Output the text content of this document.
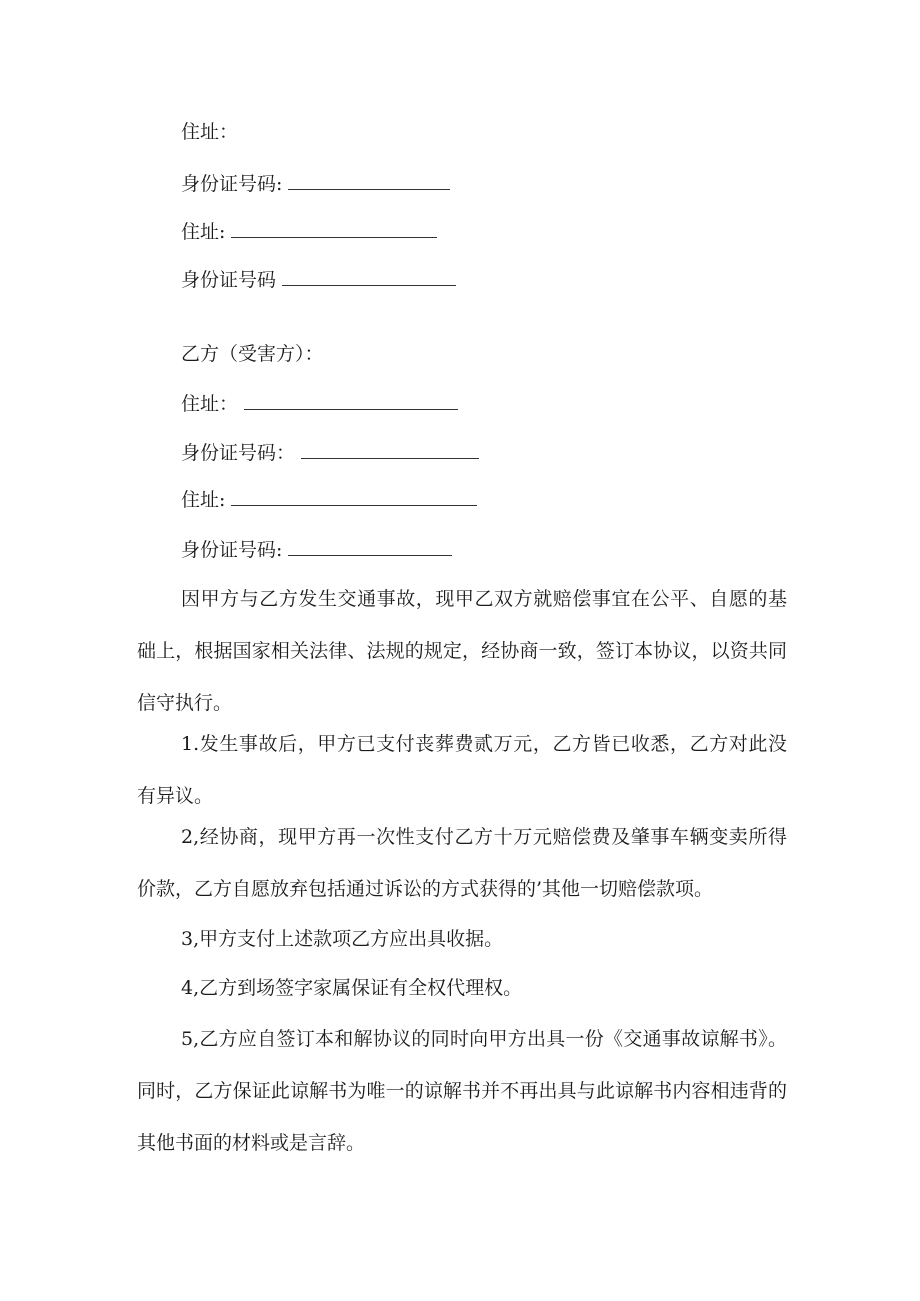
住址：
身份证号码:
住址:
身份证号码
乙方（受害方）：
住址：
身份证号码：
住址:
身份证号码:
因甲方与乙方发生交通事故，现甲乙双方就赔偿事宜在公平、自愿的基础上，根据国家相关法律、法规的规定，经协商一致，签订本协议，以资共同信守执行。
1.发生事故后，甲方已支付丧葬费贰万元，乙方皆已收悉，乙方对此没有异议。
2,经协商，现甲方再一次性支付乙方十万元赔偿费及肇事车辆变卖所得价款，乙方自愿放弃包括通过诉讼的方式获得的’其他一切赔偿款项。
3,甲方支付上述款项乙方应出具收据。
4,乙方到场签字家属保证有全权代理权。
5,乙方应自签订本和解协议的同时向甲方出具一份《交通事故谅解书》。同时，乙方保证此谅解书为唯一的谅解书并不再出具与此谅解书内容相违背的其他书面的材料或是言辞。
